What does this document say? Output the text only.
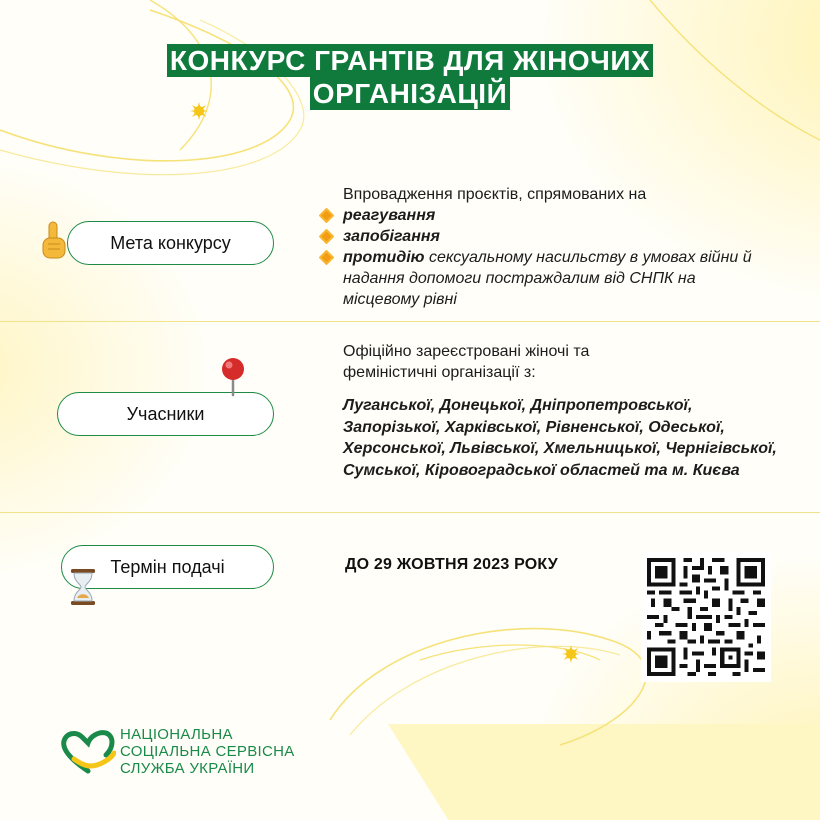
КОНКУРС ГРАНТІВ ДЛЯ ЖІНОЧИХ
ОРГАНІЗАЦІЙ
Мета конкурсу
Впровадження проєктів, спрямованих на
реагування
запобігання
протидію сексуальному насильству в умовах війни й надання допомоги постраждалим від СНПК на місцевому рівні
Учасники
Офіційно зареєстровані жіночі та феміністичні організації з:
Луганської, Донецької, Дніпропетровської, Запорізької, Харківської, Рівненської, Одеської, Херсонської, Львівської, Хмельницької, Чернігівської, Сумської, Кіровоградської областей та м. Києва
Термін подачі	ДО 29 ЖОВТНЯ 2023 РОКУ
НАЦІОНАЛЬНА
СОЦІАЛЬНА СЕРВІСНА
СЛУЖБА УКРАЇНИ
